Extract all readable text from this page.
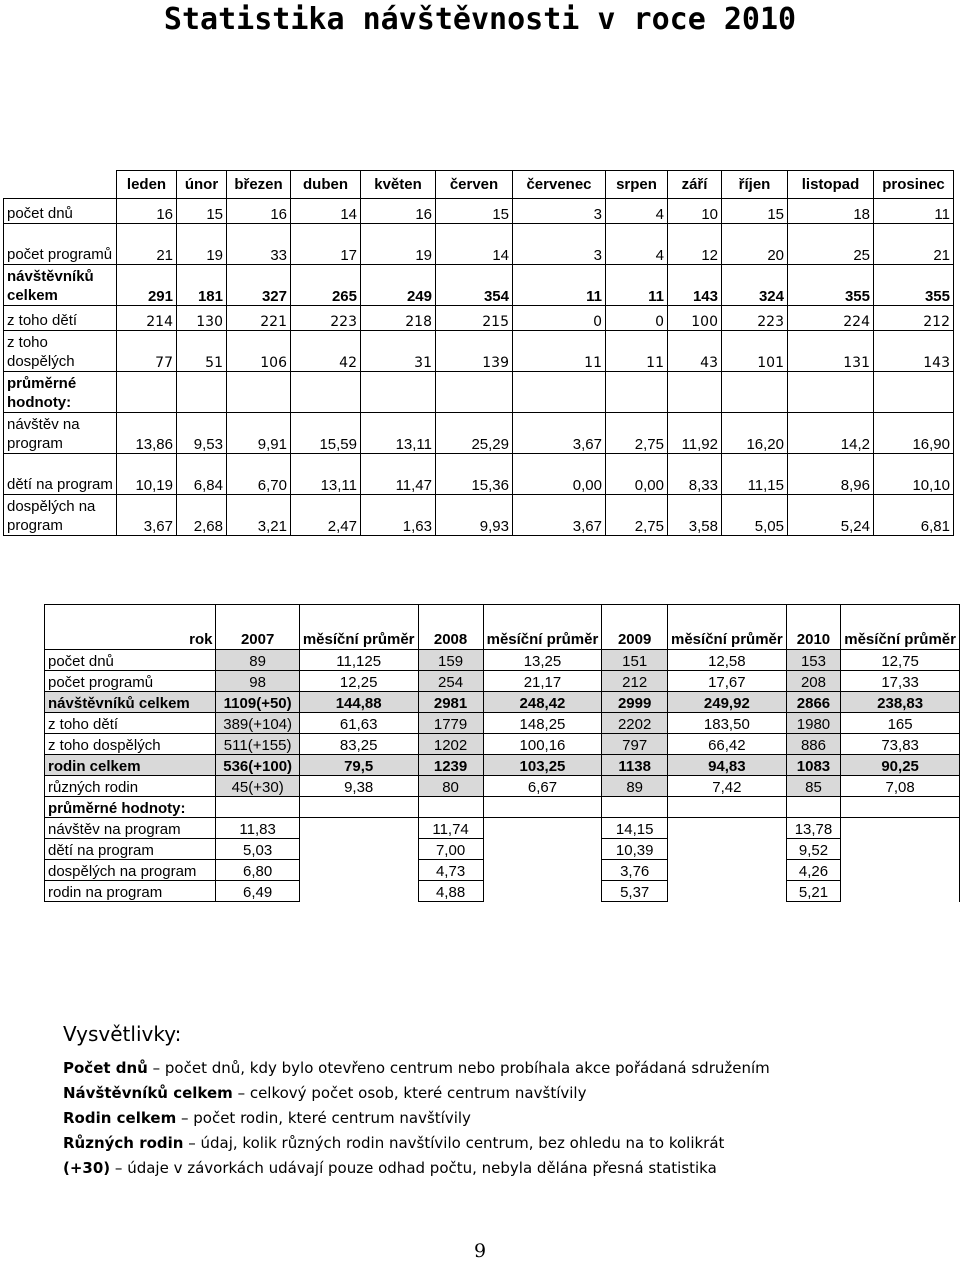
Statistika návštěvnosti v roce 2010
	leden	únor	březen	duben	květen	červen	červenec	srpen	září	říjen	listopad	prosinec
počet dnů	16	15	16	14	16	15	3	4	10	15	18	11
počet programů	21	19	33	17	19	14	3	4	12	20	25	21
návštěvníků celkem	291	181	327	265	249	354	11	11	143	324	355	355
z toho dětí	214	130	221	223	218	215	0	0	100	223	224	212
z toho dospělých	77	51	106	42	31	139	11	11	43	101	131	143
průměrné hodnoty:												
návštěv na program	13,86	9,53	9,91	15,59	13,11	25,29	3,67	2,75	11,92	16,20	14,2	16,90
dětí na program	10,19	6,84	6,70	13,11	11,47	15,36	0,00	0,00	8,33	11,15	8,96	10,10
dospělých na program	3,67	2,68	3,21	2,47	1,63	9,93	3,67	2,75	3,58	5,05	5,24	6,81
rok	2007	měsíční průměr	2008	měsíční průměr	2009	měsíční průměr	2010	měsíční průměr
počet dnů	89	11,125	159	13,25	151	12,58	153	12,75
počet programů	98	12,25	254	21,17	212	17,67	208	17,33
návštěvníků celkem	1109(+50)	144,88	2981	248,42	2999	249,92	2866	238,83
z toho dětí	389(+104)	61,63	1779	148,25	2202	183,50	1980	165
z toho dospělých	511(+155)	83,25	1202	100,16	797	66,42	886	73,83
rodin celkem	536(+100)	79,5	1239	103,25	1138	94,83	1083	90,25
různých rodin	45(+30)	9,38	80	6,67	89	7,42	85	7,08
průměrné hodnoty:								
návštěv na program	11,83		11,74		14,15		13,78	
dětí na program	5,03		7,00		10,39		9,52	
dospělých na program	6,80		4,73		3,76		4,26	
rodin na program	6,49		4,88		5,37		5,21	
Vysvětlivky:
Počet dnů – počet dnů, kdy bylo otevřeno centrum nebo probíhala akce pořádaná sdružením
Návštěvníků celkem – celkový počet osob, které centrum navštívily
Rodin celkem – počet rodin, které centrum navštívily
Různých rodin – údaj, kolik různých rodin navštívilo centrum, bez ohledu na to kolikrát
(+30) – údaje v závorkách udávají pouze odhad počtu, nebyla dělána přesná statistika
9
